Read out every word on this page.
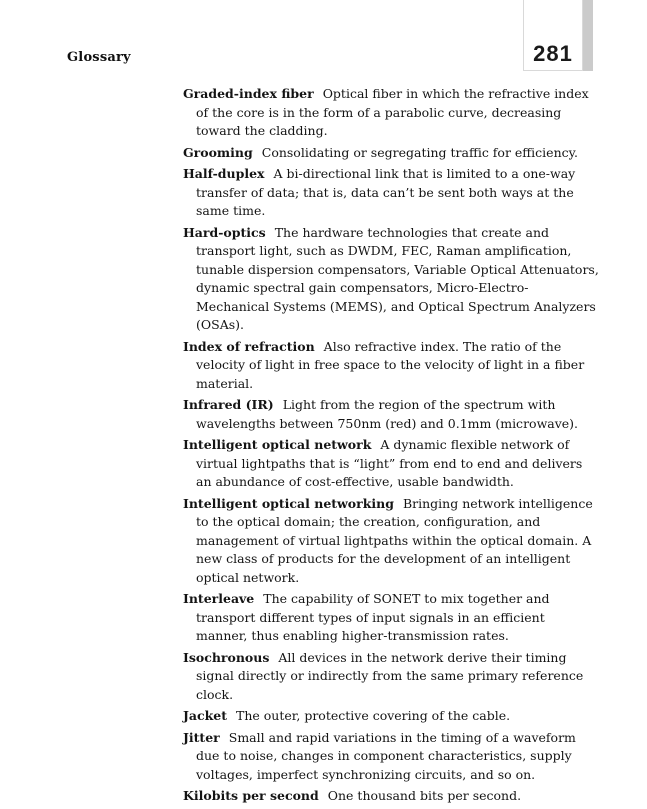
Glossary	281

Graded-index fiber Optical fiber in which the refractive index of the core is in the form of a parabolic curve, decreasing toward the cladding.

Grooming Consolidating or segregating traffic for efficiency.

Half-duplex A bi-directional link that is limited to a one-way transfer of data; that is, data can’t be sent both ways at the same time.

Hard-optics The hardware technologies that create and transport light, such as DWDM, FEC, Raman amplification, tunable dispersion compensators, Variable Optical Attenuators, dynamic spectral gain compensators, Micro-Electro-Mechanical Systems (MEMS), and Optical Spectrum Analyzers (OSAs).

Index of refraction Also refractive index. The ratio of the velocity of light in free space to the velocity of light in a fiber material.

Infrared (IR) Light from the region of the spectrum with wavelengths between 750nm (red) and 0.1mm (microwave).

Intelligent optical network A dynamic flexible network of virtual lightpaths that is “light” from end to end and delivers an abundance of cost-effective, usable bandwidth.

Intelligent optical networking Bringing network intelligence to the optical domain; the creation, configuration, and management of virtual lightpaths within the optical domain. A new class of products for the development of an intelligent optical network.

Interleave The capability of SONET to mix together and transport different types of input signals in an efficient manner, thus enabling higher-transmission rates.

Isochronous All devices in the network derive their timing signal directly or indirectly from the same primary reference clock.

Jacket The outer, protective covering of the cable.

Jitter Small and rapid variations in the timing of a waveform due to noise, changes in component characteristics, supply voltages, imperfect synchronizing circuits, and so on.

Kilobits per second One thousand bits per second.
